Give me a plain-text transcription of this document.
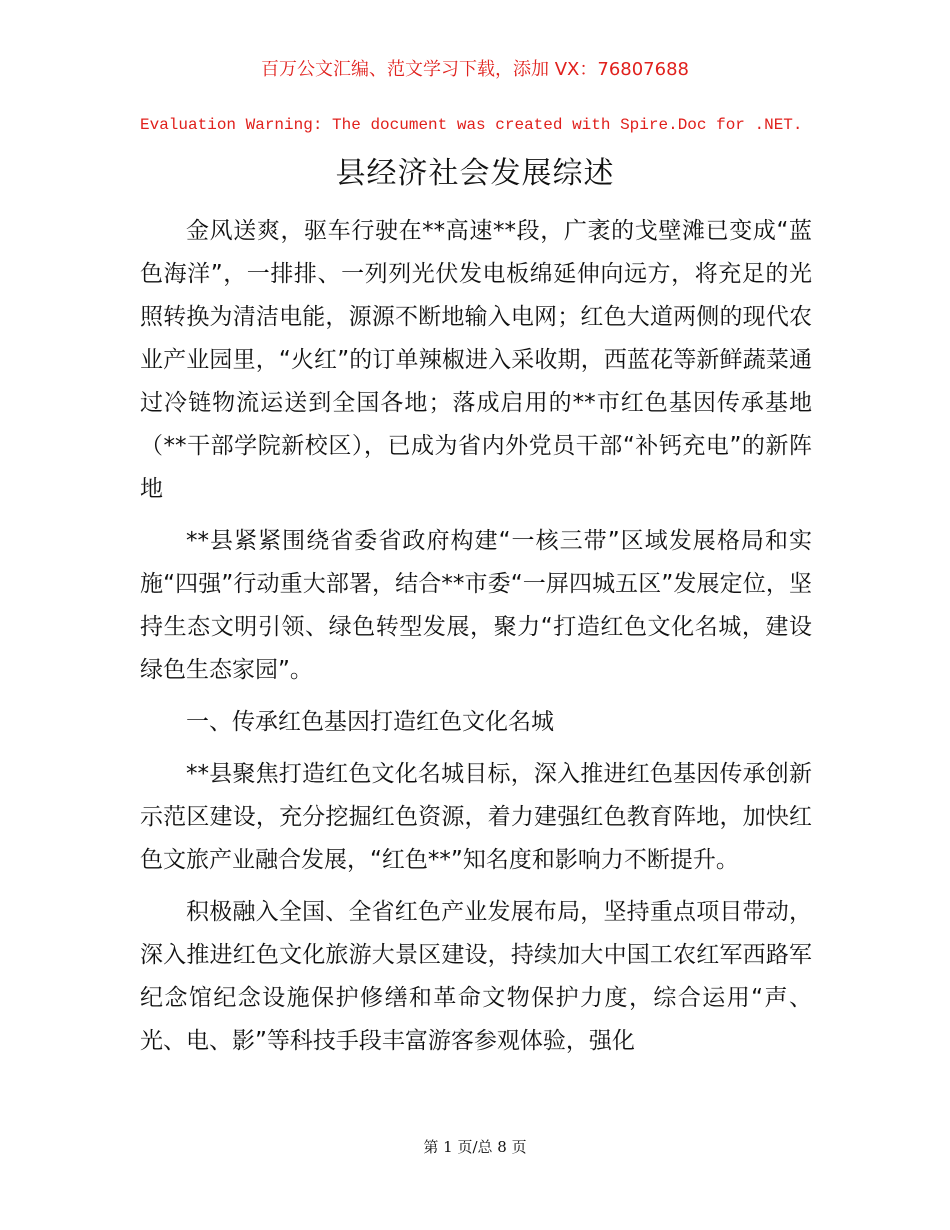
百万公文汇编、范文学习下载，添加 VX：76807688
Evaluation Warning: The document was created with Spire.Doc for .NET.
县经济社会发展综述

金风送爽，驱车行驶在**高速**段，广袤的戈壁滩已变成“蓝色海洋”，一排排、一列列光伏发电板绵延伸向远方，将充足的光照转换为清洁电能，源源不断地输入电网；红色大道两侧的现代农业产业园里，“火红”的订单辣椒进入采收期，西蓝花等新鲜蔬菜通过冷链物流运送到全国各地；落成启用的**市红色基因传承基地（**干部学院新校区），已成为省内外党员干部“补钙充电”的新阵地

**县紧紧围绕省委省政府构建“一核三带”区域发展格局和实施“四强”行动重大部署，结合**市委“一屏四城五区”发展定位，坚持生态文明引领、绿色转型发展，聚力“打造红色文化名城，建设绿色生态家园”。

一、传承红色基因打造红色文化名城

**县聚焦打造红色文化名城目标，深入推进红色基因传承创新示范区建设，充分挖掘红色资源，着力建强红色教育阵地，加快红色文旅产业融合发展，“红色**”知名度和影响力不断提升。

积极融入全国、全省红色产业发展布局，坚持重点项目带动，深入推进红色文化旅游大景区建设，持续加大中国工农红军西路军纪念馆纪念设施保护修缮和革命文物保护力度，综合运用“声、光、电、影”等科技手段丰富游客参观体验，强化

第 1 页/总 8 页
